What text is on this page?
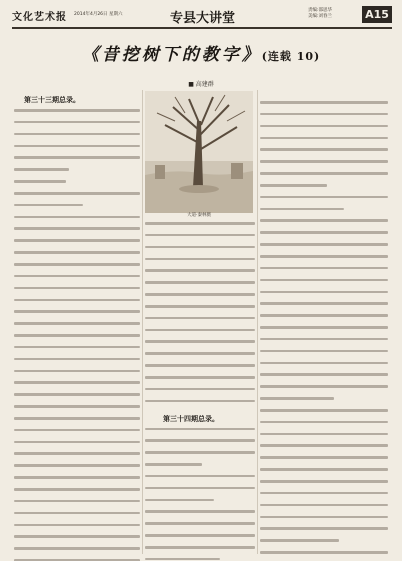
文化艺术报 2014年4月26日 星期六	专县大讲堂
责编:邵思华
美编:刘春兰	A15
《昔挖树下的教字》(连载 10)
■ 高建群
大道·秦林摄
第三十三期总录。
第三十四期总录。
